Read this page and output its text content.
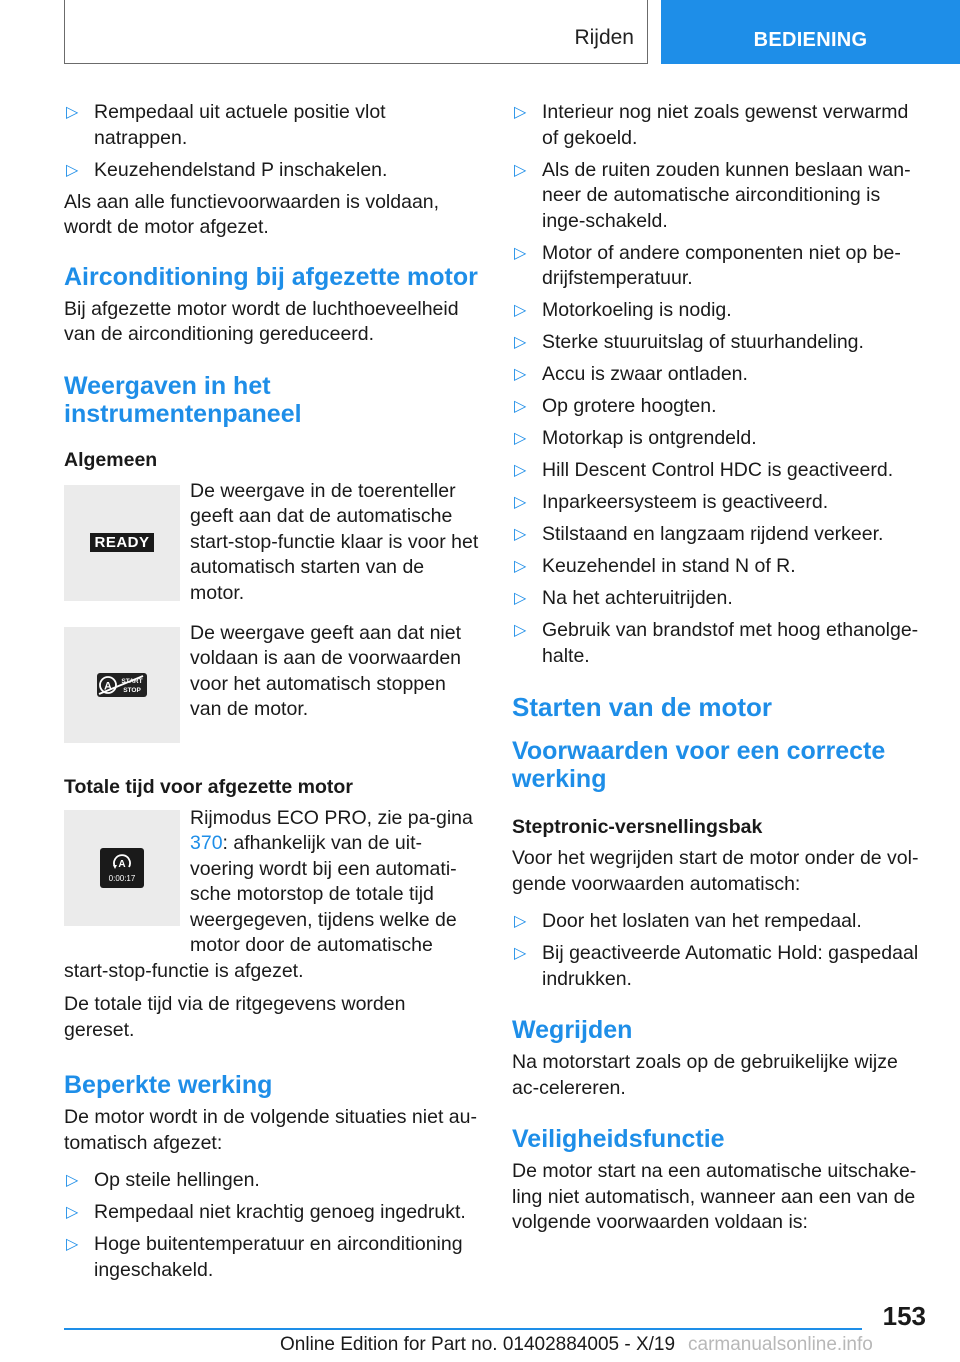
Rijden	BEDIENING
▷ Rempedaal uit actuele positie vlot natrappen.
▷ Keuzehendelstand P inschakelen.

Als aan alle functievoorwaarden is voldaan, wordt de motor afgezet.

Airconditioning bij afgezette motor

Bij afgezette motor wordt de luchthoeveelheid van de airconditioning gereduceerd.

Weergaven in het instrumentenpaneel
Algemeen
READY

De weergave in de toerenteller geeft aan dat de automatische start-stop-functie klaar is voor het automatisch starten van de motor.

A START
STOP

De weergave geeft aan dat niet voldaan is aan de voorwaarden voor het automatisch stoppen van de motor.

Totale tijd voor afgezette motor
A
0:00:17

Rijmodus ECO PRO, zie pa-gina 370: afhankelijk van de uit-voering wordt bij een automati-sche motorstop de totale tijd weergegeven, tijdens welke de motor door de automatische start-stop-functie is afgezet.

De totale tijd via de ritgegevens worden gereset.

Beperkte werking

De motor wordt in de volgende situaties niet au-tomatisch afgezet:

▷ Op steile hellingen.
▷ Rempedaal niet krachtig genoeg ingedrukt.
▷ Hoge buitentemperatuur en airconditioning ingeschakeld.
▷ Interieur nog niet zoals gewenst verwarmd of gekoeld.
▷ Als de ruiten zouden kunnen beslaan wan-neer de automatische airconditioning is inge-schakeld.
▷ Motor of andere componenten niet op be-drijfstemperatuur.
▷ Motorkoeling is nodig.
▷ Sterke stuuruitslag of stuurhandeling.
▷ Accu is zwaar ontladen.
▷ Op grotere hoogten.
▷ Motorkap is ontgrendeld.
▷ Hill Descent Control HDC is geactiveerd.
▷ Inparkeersysteem is geactiveerd.
▷ Stilstaand en langzaam rijdend verkeer.
▷ Keuzehendel in stand N of R.
▷ Na het achteruitrijden.
▷ Gebruik van brandstof met hoog ethanolge-halte.
Starten van de motor
Voorwaarden voor een correcte werking
Steptronic-versnellingsbak

Voor het wegrijden start de motor onder de vol-gende voorwaarden automatisch:

▷ Door het loslaten van het rempedaal.
▷ Bij geactiveerde Automatic Hold: gaspedaal indrukken.
Wegrijden

Na motorstart zoals op de gebruikelijke wijze ac-celereren.

Veiligheidsfunctie

De motor start na een automatische uitschake-ling niet automatisch, wanneer aan een van de volgende voorwaarden voldaan is:

153
Online Edition for Part no. 01402884005 - X/19 carmanualsonline.info
